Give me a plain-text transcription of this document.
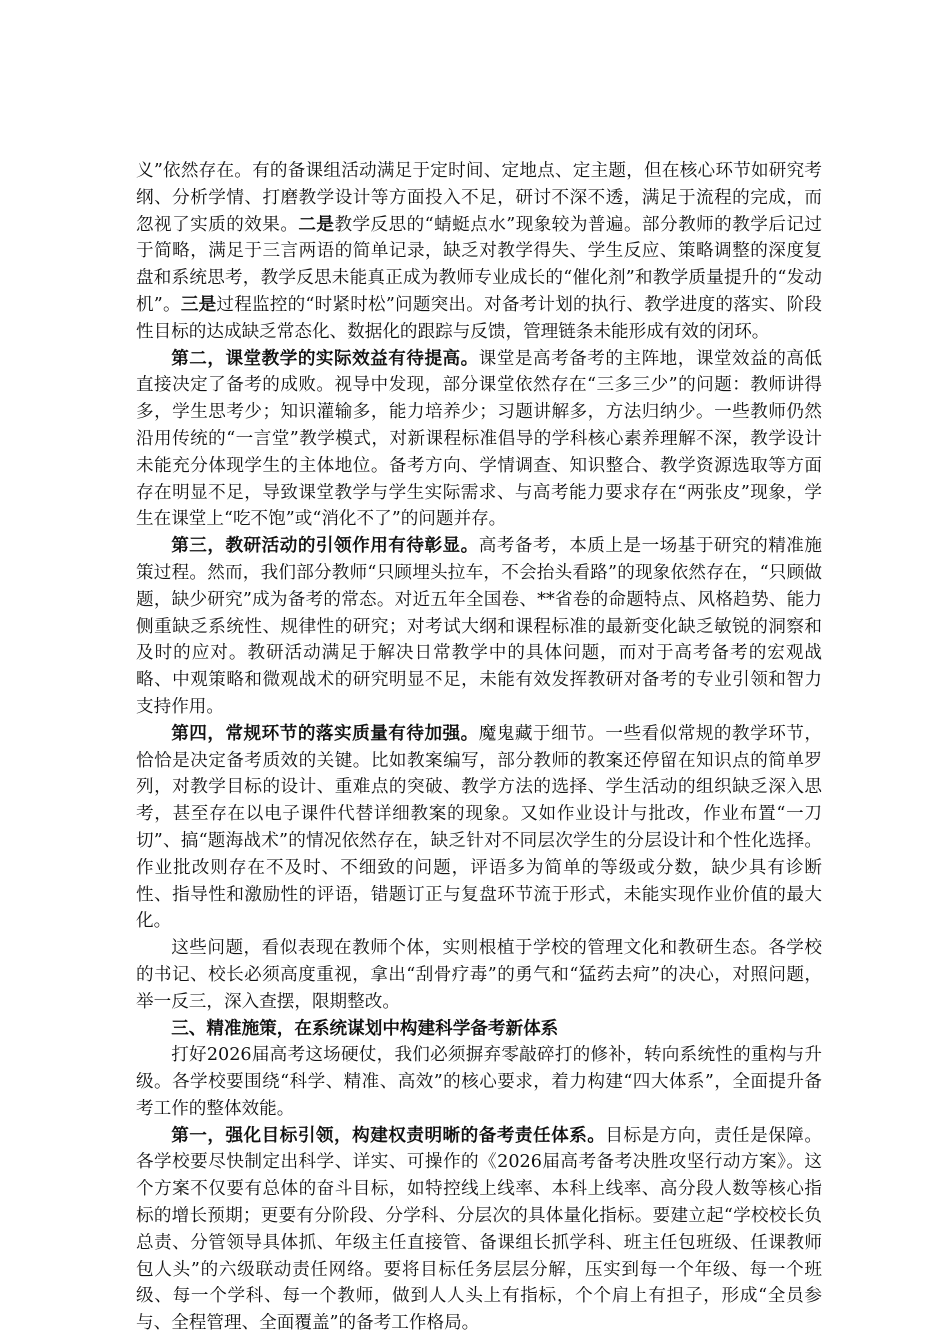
义”依然存在。有的备课组活动满足于定时间、定地点、定主题，但在核心环节如研究考纲、分析学情、打磨教学设计等方面投入不足，研讨不深不透，满足于流程的完成，而忽视了实质的效果。二是教学反思的“蜻蜓点水”现象较为普遍。部分教师的教学后记过于简略，满足于三言两语的简单记录，缺乏对教学得失、学生反应、策略调整的深度复盘和系统思考，教学反思未能真正成为教师专业成长的“催化剂”和教学质量提升的“发动机”。三是过程监控的“时紧时松”问题突出。对备考计划的执行、教学进度的落实、阶段性目标的达成缺乏常态化、数据化的跟踪与反馈，管理链条未能形成有效的闭环。

第二，课堂教学的实际效益有待提高。课堂是高考备考的主阵地，课堂效益的高低直接决定了备考的成败。视导中发现，部分课堂依然存在“三多三少”的问题：教师讲得多，学生思考少；知识灌输多，能力培养少；习题讲解多，方法归纳少。一些教师仍然沿用传统的“一言堂”教学模式，对新课程标准倡导的学科核心素养理解不深，教学设计未能充分体现学生的主体地位。备考方向、学情调查、知识整合、教学资源选取等方面存在明显不足，导致课堂教学与学生实际需求、与高考能力要求存在“两张皮”现象，学生在课堂上“吃不饱”或“消化不了”的问题并存。

第三，教研活动的引领作用有待彰显。高考备考，本质上是一场基于研究的精准施策过程。然而，我们部分教师“只顾埋头拉车，不会抬头看路”的现象依然存在，“只顾做题，缺少研究”成为备考的常态。对近五年全国卷、**省卷的命题特点、风格趋势、能力侧重缺乏系统性、规律性的研究；对考试大纲和课程标准的最新变化缺乏敏锐的洞察和及时的应对。教研活动满足于解决日常教学中的具体问题，而对于高考备考的宏观战略、中观策略和微观战术的研究明显不足，未能有效发挥教研对备考的专业引领和智力支持作用。

第四，常规环节的落实质量有待加强。魔鬼藏于细节。一些看似常规的教学环节，恰恰是决定备考质效的关键。比如教案编写，部分教师的教案还停留在知识点的简单罗列，对教学目标的设计、重难点的突破、教学方法的选择、学生活动的组织缺乏深入思考，甚至存在以电子课件代替详细教案的现象。又如作业设计与批改，作业布置“一刀切”、搞“题海战术”的情况依然存在，缺乏针对不同层次学生的分层设计和个性化选择。作业批改则存在不及时、不细致的问题，评语多为简单的等级或分数，缺少具有诊断性、指导性和激励性的评语，错题订正与复盘环节流于形式，未能实现作业价值的最大化。

这些问题，看似表现在教师个体，实则根植于学校的管理文化和教研生态。各学校的书记、校长必须高度重视，拿出“刮骨疗毒”的勇气和“猛药去疴”的决心，对照问题，举一反三，深入查摆，限期整改。

三、精准施策，在系统谋划中构建科学备考新体系

打好2026届高考这场硬仗，我们必须摒弃零敲碎打的修补，转向系统性的重构与升级。各学校要围绕“科学、精准、高效”的核心要求，着力构建“四大体系”，全面提升备考工作的整体效能。

第一，强化目标引领，构建权责明晰的备考责任体系。目标是方向，责任是保障。各学校要尽快制定出科学、详实、可操作的《2026届高考备考决胜攻坚行动方案》。这个方案不仅要有总体的奋斗目标，如特控线上线率、本科上线率、高分段人数等核心指标的增长预期；更要有分阶段、分学科、分层次的具体量化指标。要建立起“学校校长负总责、分管领导具体抓、年级主任直接管、备课组长抓学科、班主任包班级、任课教师包人头”的六级联动责任网络。要将目标任务层层分解，压实到每一个年级、每一个班级、每一个学科、每一个教师，做到人人头上有指标，个个肩上有担子，形成“全员参与、全程管理、全面覆盖”的备考工作格局。
